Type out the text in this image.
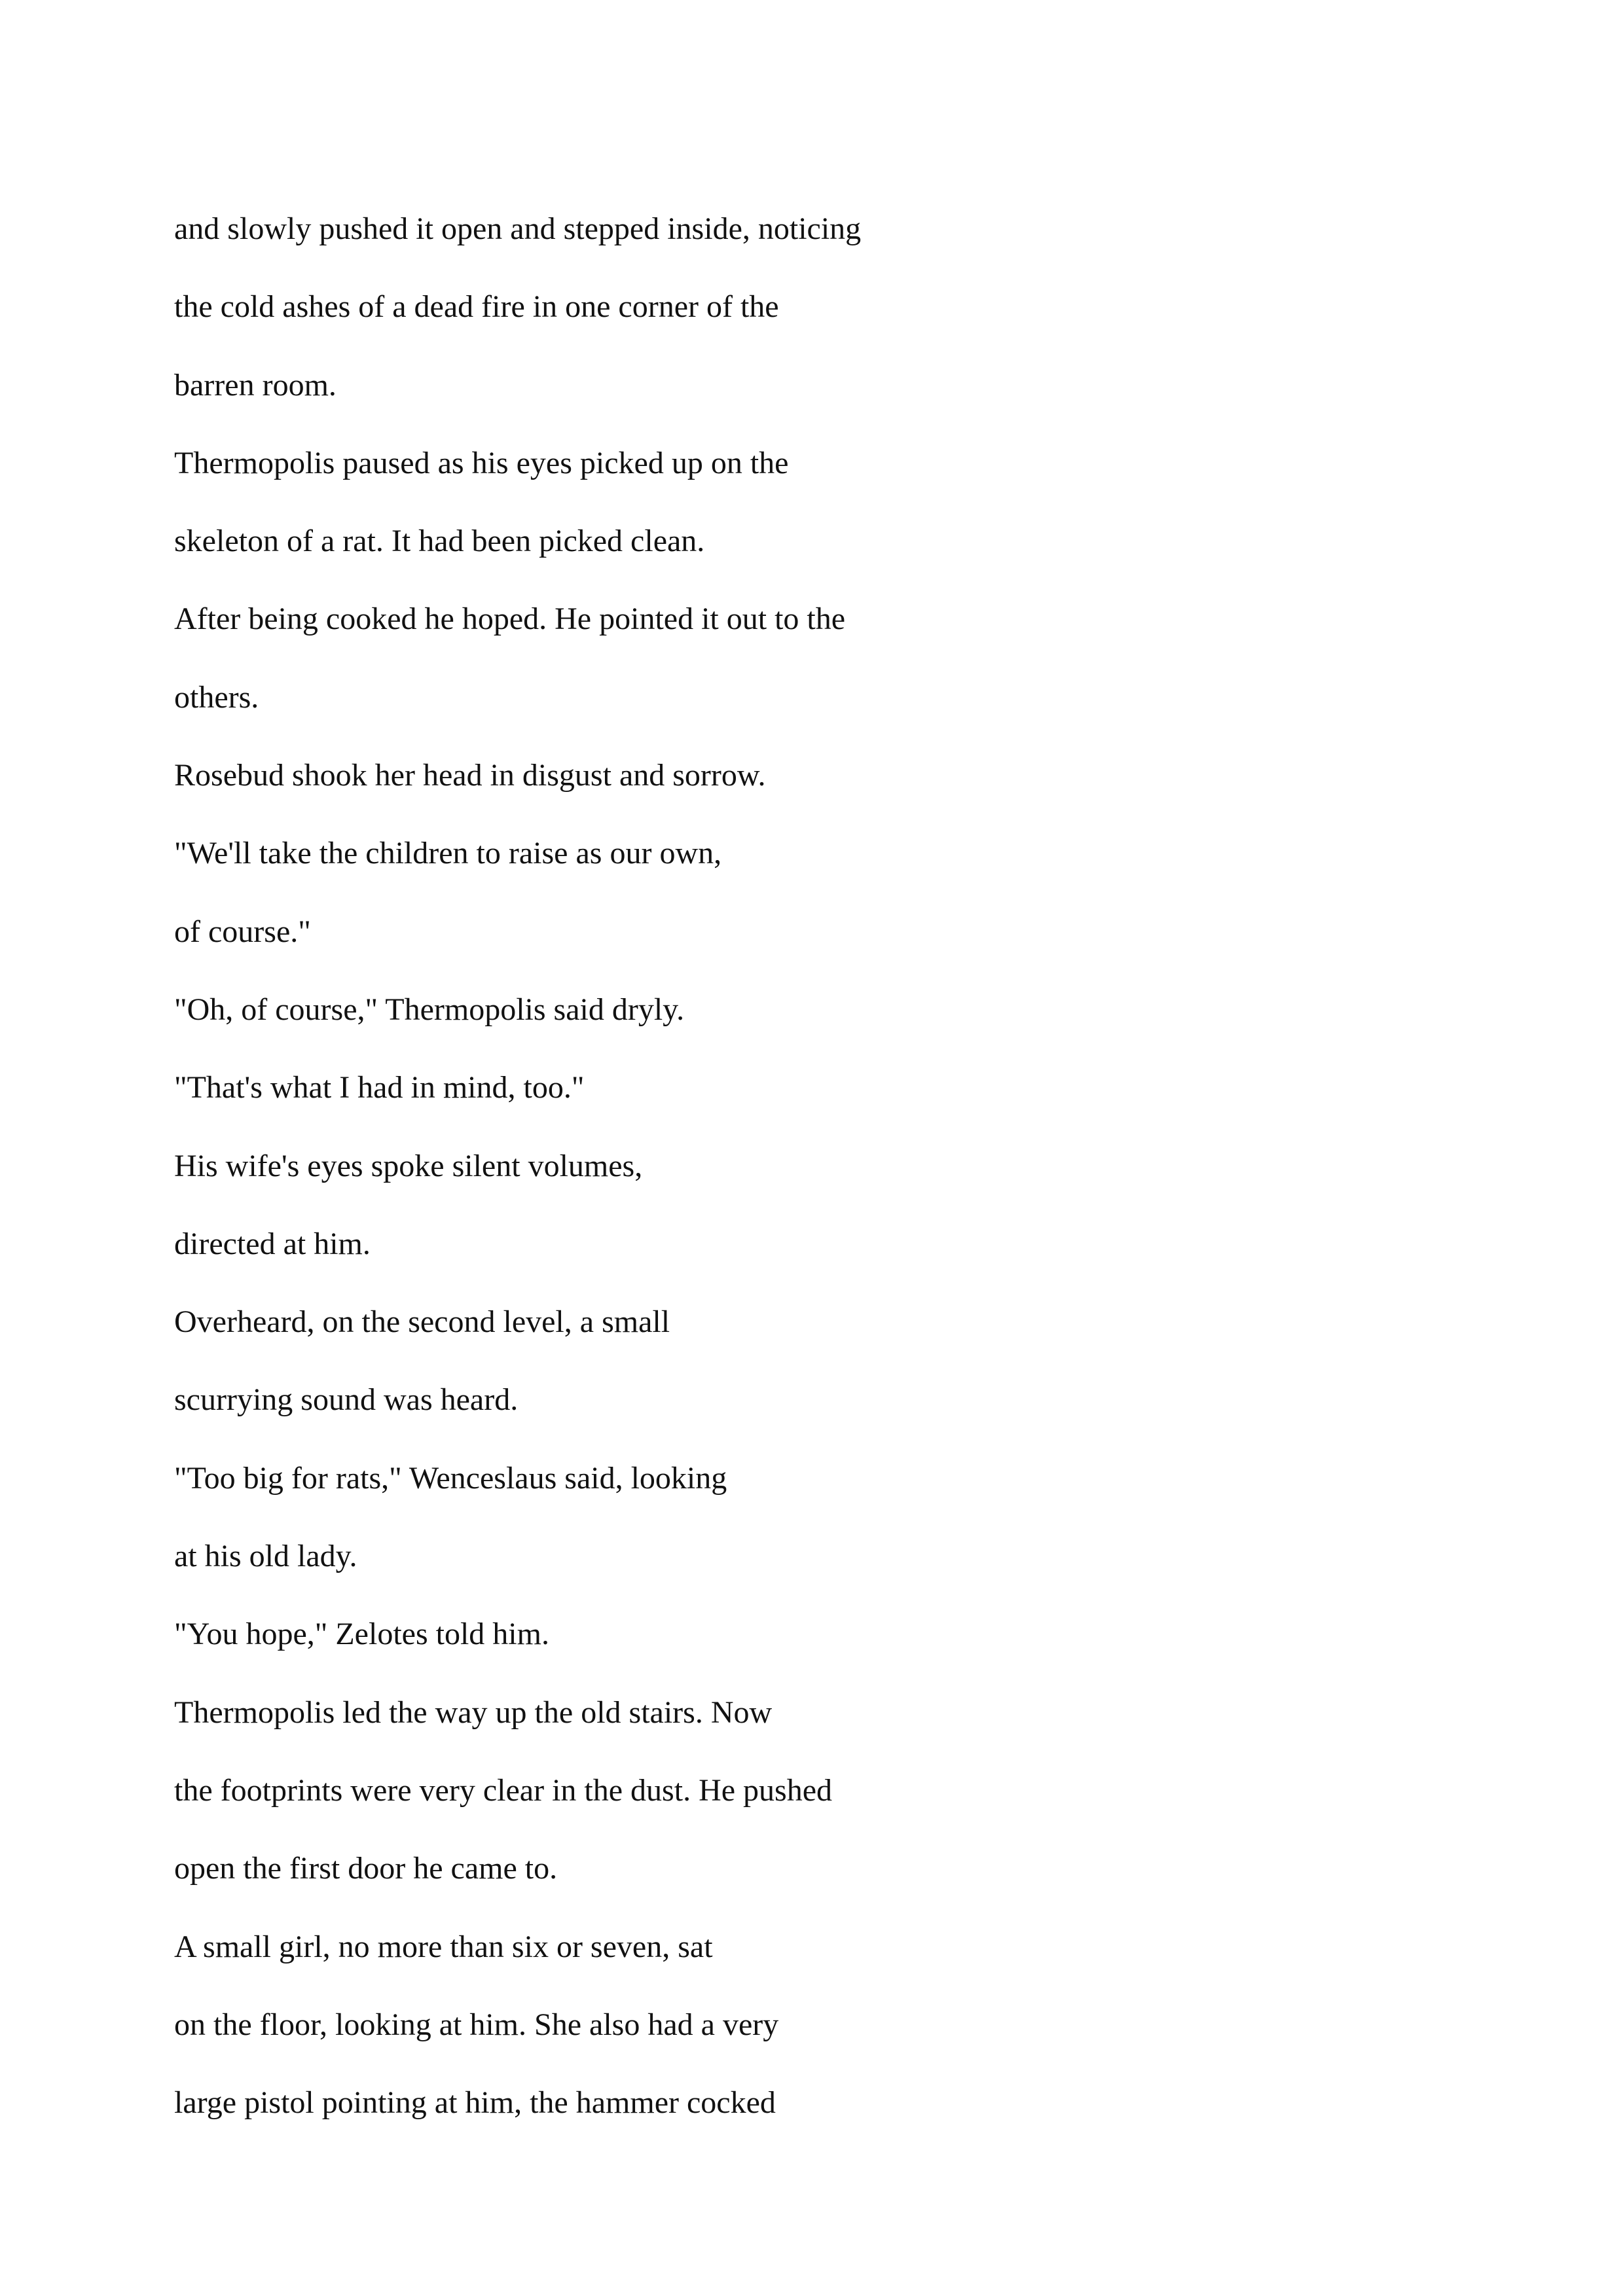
and slowly pushed it open and stepped inside, noticing
the cold ashes of a dead fire in one corner of the
barren room.
Thermopolis paused as his eyes picked up on the
skeleton of a rat. It had been picked clean.
After being cooked he hoped. He pointed it out to the
others.
Rosebud shook her head in disgust and sorrow.
"We'll take the children to raise as our own,
of course."
"Oh, of course," Thermopolis said dryly.
"That's what I had in mind, too."
His wife's eyes spoke silent volumes,
directed at him.
Overheard, on the second level, a small
scurrying sound was heard.
"Too big for rats," Wenceslaus said, looking
at his old lady.
"You hope," Zelotes told him.
Thermopolis led the way up the old stairs. Now
the footprints were very clear in the dust. He pushed
open the first door he came to.
A small girl, no more than six or seven, sat
on the floor, looking at him. She also had a very
large pistol pointing at him, the hammer cocked
